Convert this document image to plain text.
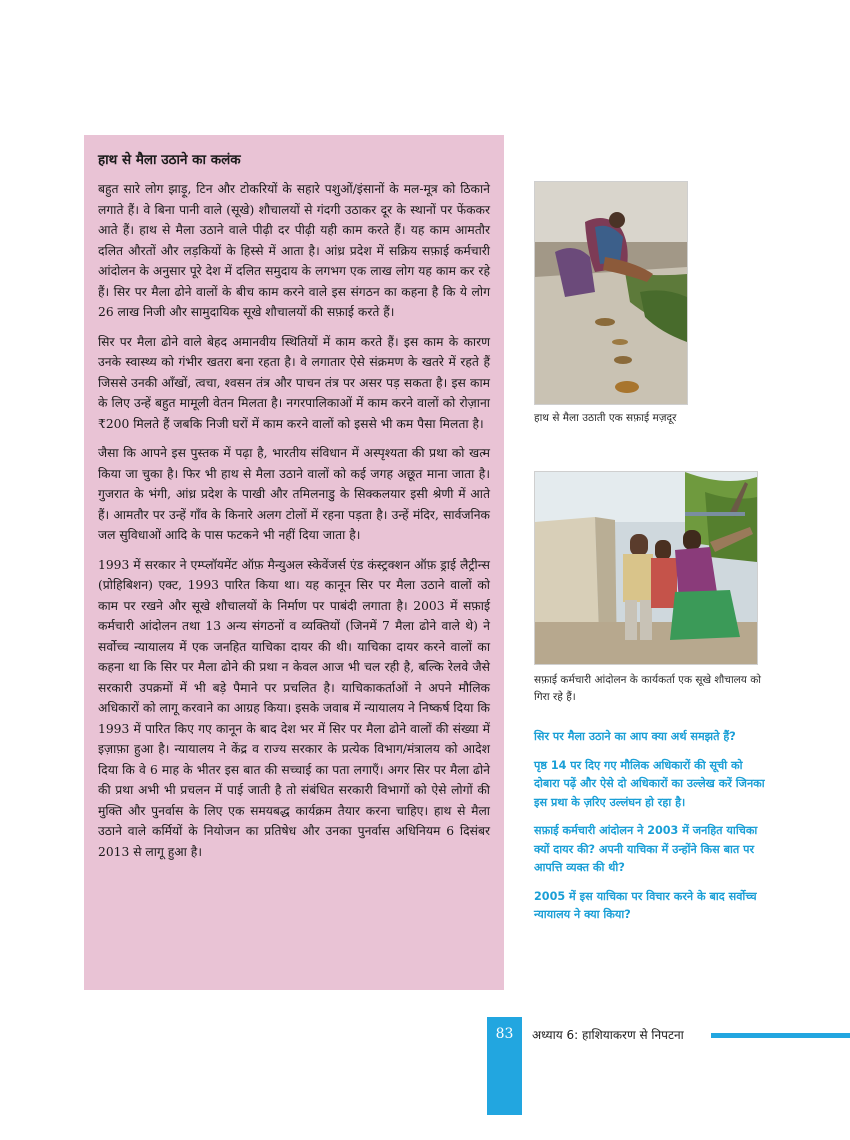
हाथ से मैला उठाने का कलंक

बहुत सारे लोग झाड़ू, टिन और टोकरियों के सहारे पशुओं/इंसानों के मल-मूत्र को ठिकाने लगाते हैं। वे बिना पानी वाले (सूखे) शौचालयों से गंदगी उठाकर दूर के स्थानों पर फेंककर आते हैं। हाथ से मैला उठाने वाले पीढ़ी दर पीढ़ी यही काम करते हैं। यह काम आमतौर दलित औरतों और लड़कियों के हिस्से में आता है। आंध्र प्रदेश में सक्रिय सफ़ाई कर्मचारी आंदोलन के अनुसार पूरे देश में दलित समुदाय के लगभग एक लाख लोग यह काम कर रहे हैं। सिर पर मैला ढोने वालों के बीच काम करने वाले इस संगठन का कहना है कि ये लोग 26 लाख निजी और सामुदायिक सूखे शौचालयों की सफ़ाई करते हैं।

सिर पर मैला ढोने वाले बेहद अमानवीय स्थितियों में काम करते हैं। इस काम के कारण उनके स्वास्थ्य को गंभीर खतरा बना रहता है। वे लगातार ऐसे संक्रमण के खतरे में रहते हैं जिससे उनकी आँखों, त्वचा, श्वसन तंत्र और पाचन तंत्र पर असर पड़ सकता है। इस काम के लिए उन्हें बहुत मामूली वेतन मिलता है। नगरपालिकाओं में काम करने वालों को रोज़ाना ₹200 मिलते हैं जबकि निजी घरों में काम करने वालों को इससे भी कम पैसा मिलता है।

जैसा कि आपने इस पुस्तक में पढ़ा है, भारतीय संविधान में अस्पृश्यता की प्रथा को खत्म किया जा चुका है। फिर भी हाथ से मैला उठाने वालों को कई जगह अछूत माना जाता है। गुजरात के भंगी, आंध्र प्रदेश के पाखी और तमिलनाडु के सिक्कलयार इसी श्रेणी में आते हैं। आमतौर पर उन्हें गाँव के किनारे अलग टोलों में रहना पड़ता है। उन्हें मंदिर, सार्वजनिक जल सुविधाओं आदि के पास फटकने भी नहीं दिया जाता है।

1993 में सरकार ने एम्प्लॉयमेंट ऑफ़ मैन्युअल स्केवेंजर्स एंड कंस्ट्रक्शन ऑफ़ ड्राई लैट्रीन्स (प्रोहिबिशन) एक्ट, 1993 पारित किया था। यह कानून सिर पर मैला उठाने वालों को काम पर रखने और सूखे शौचालयों के निर्माण पर पाबंदी लगाता है। 2003 में सफ़ाई कर्मचारी आंदोलन तथा 13 अन्य संगठनों व व्यक्तियों (जिनमें 7 मैला ढोने वाले थे) ने सर्वोच्च न्यायालय में एक जनहित याचिका दायर की थी। याचिका दायर करने वालों का कहना था कि सिर पर मैला ढोने की प्रथा न केवल आज भी चल रही है, बल्कि रेलवे जैसे सरकारी उपक्रमों में भी बड़े पैमाने पर प्रचलित है। याचिकाकर्ताओं ने अपने मौलिक अधिकारों को लागू करवाने का आग्रह किया। इसके जवाब में न्यायालय ने निष्कर्ष दिया कि 1993 में पारित किए गए कानून के बाद देश भर में सिर पर मैला ढोने वालों की संख्या में इज़ाफ़ा हुआ है। न्यायालय ने केंद्र व राज्य सरकार के प्रत्येक विभाग/मंत्रालय को आदेश दिया कि वे 6 माह के भीतर इस बात की सच्चाई का पता लगाएँ। अगर सिर पर मैला ढोने की प्रथा अभी भी प्रचलन में पाई जाती है तो संबंधित सरकारी विभागों को ऐसे लोगों की मुक्ति और पुनर्वास के लिए एक समयबद्ध कार्यक्रम तैयार करना चाहिए। हाथ से मैला उठाने वाले कर्मियों के नियोजन का प्रतिषेध और उनका पुनर्वास अधिनियम 6 दिसंबर 2013 से लागू हुआ है।

हाथ से मैला उठाती एक सफ़ाई मज़दूर
सफ़ाई कर्मचारी आंदोलन के कार्यकर्ता एक सूखे शौचालय को गिरा रहे हैं।

सिर पर मैला उठाने का आप क्या अर्थ समझते हैं?

पृष्ठ 14 पर दिए गए मौलिक अधिकारों की सूची को दोबारा पढ़ें और ऐसे दो अधिकारों का उल्लेख करें जिनका इस प्रथा के ज़रिए उल्लंघन हो रहा है।

सफ़ाई कर्मचारी आंदोलन ने 2003 में जनहित याचिका क्यों दायर की? अपनी याचिका में उन्होंने किस बात पर आपत्ति व्यक्त की थी?

2005 में इस याचिका पर विचार करने के बाद सर्वोच्च न्यायालय ने क्या किया?

83	अध्याय 6: हाशियाकरण से निपटना
